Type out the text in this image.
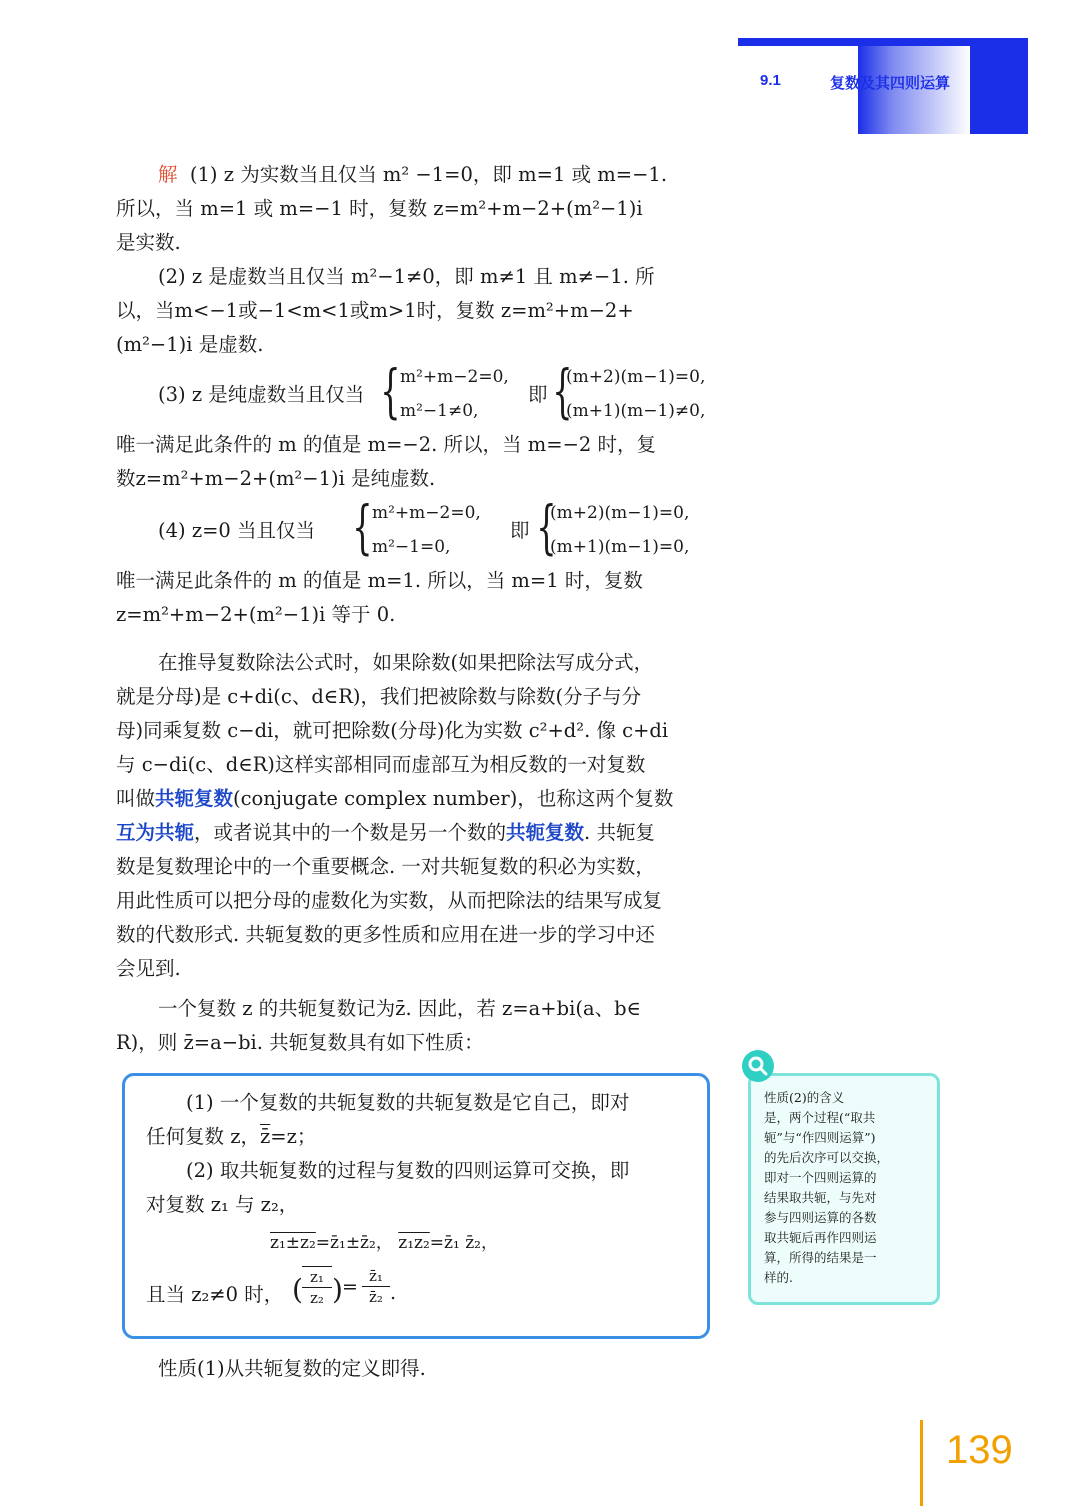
9.1	复数及其四则运算
解 (1) z 为实数当且仅当 m² −1=0，即 m=1 或 m=−1.
所以，当 m=1 或 m=−1 时，复数 z=m²+m−2+(m²−1)i
是实数.
(2) z 是虚数当且仅当 m²−1≠0，即 m≠1 且 m≠−1. 所
以，当m<−1或−1<m<1或m>1时，复数 z=m²+m−2+
(m²−1)i 是虚数.
(3) z 是纯虚数当且仅当 { m²+m−2=0,
m²−1≠0,
即 {
(m+2)(m−1)=0,
(m+1)(m−1)≠0,
唯一满足此条件的 m 的值是 m=−2. 所以，当 m=−2 时，复
数z=m²+m−2+(m²−1)i 是纯虚数.
(4) z=0 当且仅当 { m²+m−2=0,
m²−1=0,
即 {
(m+2)(m−1)=0,
(m+1)(m−1)=0,
唯一满足此条件的 m 的值是 m=1. 所以，当 m=1 时，复数
z=m²+m−2+(m²−1)i 等于 0.
在推导复数除法公式时，如果除数(如果把除法写成分式，
就是分母)是 c+di(c、d∈R)，我们把被除数与除数(分子与分
母)同乘复数 c−di，就可把除数(分母)化为实数 c²+d². 像 c+di
与 c−di(c、d∈R)这样实部相同而虚部互为相反数的一对复数
叫做共轭复数(conjugate complex number)，也称这两个复数
互为共轭，或者说其中的一个数是另一个数的共轭复数. 共轭复
数是复数理论中的一个重要概念. 一对共轭复数的积必为实数，
用此性质可以把分母的虚数化为实数，从而把除法的结果写成复
数的代数形式. 共轭复数的更多性质和应用在进一步的学习中还
会见到.
一个复数 z 的共轭复数记为z̄. 因此，若 z=a+bi(a、b∈
R)，则 z̄=a−bi. 共轭复数具有如下性质：
(1) 一个复数的共轭复数的共轭复数是它自己，即对
任何复数 z，z̄=z；
(2) 取共轭复数的过程与复数的四则运算可交换，即
对复数 z₁ 与 z₂，
z₁±z₂=z̄₁±z̄₂， z₁z₂=z̄₁ z̄₂，
且当 z₂≠0 时， ( $\frac{\text{z₁}}{\text{z₂}}$ ) = $\frac{\text{z̄₁}}{\text{z̄₂}}$ .
性质(1)从共轭复数的定义即得.
性质(2)的含义
是，两个过程(“取共
轭”与“作四则运算”)
的先后次序可以交换，
即对一个四则运算的
结果取共轭，与先对
参与四则运算的各数
取共轭后再作四则运
算，所得的结果是一
样的.
139
